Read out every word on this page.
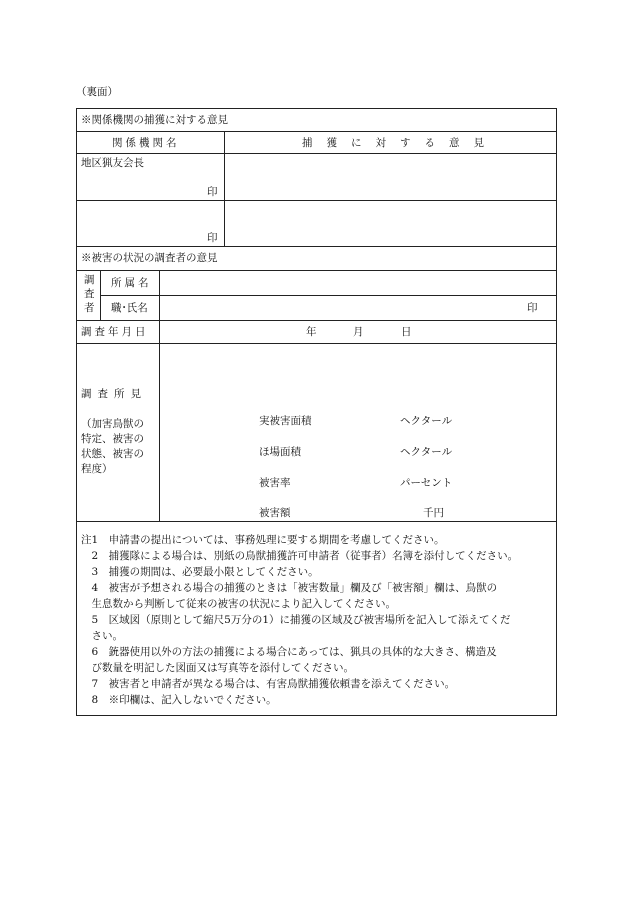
（裏面）
※関係機関の捕獲に対する意見
関係機関名	捕獲に対する意見
地区猟友会長
印
印
※被害の状況の調査者の意見
調
査
者
所属名
職･氏名	印
調査年月日	年	月	日
調査所見
（加害鳥獣の
特定、被害の
状態、被害の
程度）
実被害面積	ヘクタール
ほ場面積	ヘクタール
被害率	パーセント
被害額	千円
注1　申請書の提出については、事務処理に要する期間を考慮してください。
　2　捕獲隊による場合は、別紙の鳥獣捕獲許可申請者（従事者）名簿を添付してください。
　3　捕獲の期間は、必要最小限としてください。
　4　被害が予想される場合の捕獲のときは「被害数量」欄及び「被害額」欄は、鳥獣の
　生息数から判断して従来の被害の状況により記入してください。
　5　区域図（原則として縮尺5万分の1）に捕獲の区域及び被害場所を記入して添えてくだ
　さい。
　6　銃器使用以外の方法の捕獲による場合にあっては、猟具の具体的な大きさ、構造及
　び数量を明記した図面又は写真等を添付してください。
　7　被害者と申請者が異なる場合は、有害鳥獣捕獲依頼書を添えてください。
　8　※印欄は、記入しないでください。
